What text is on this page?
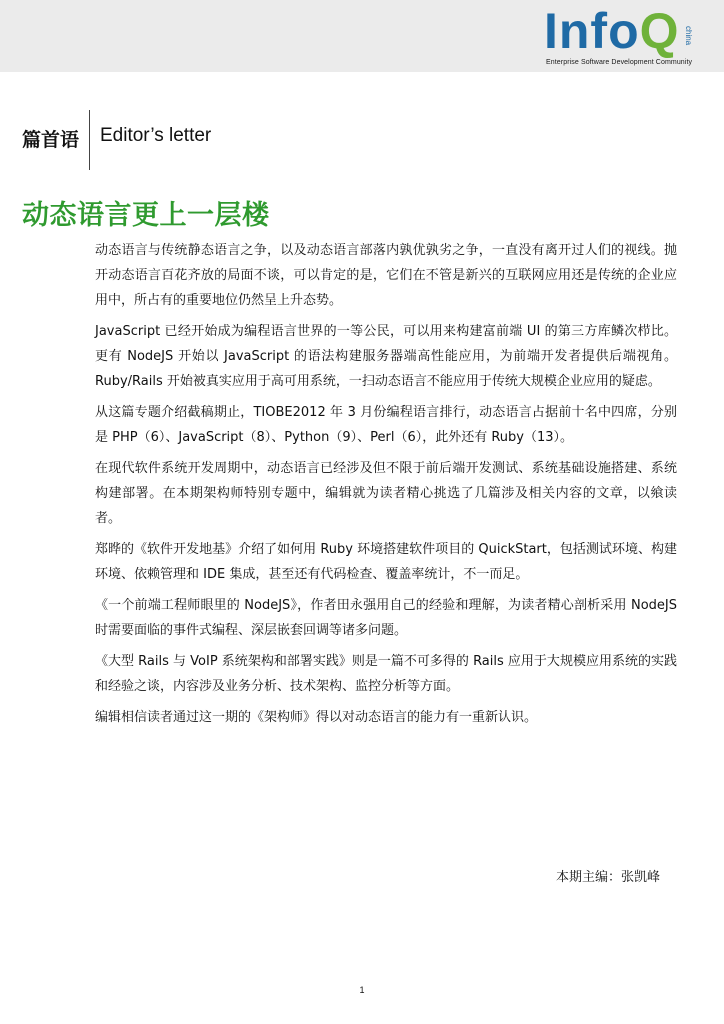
InfoQ china
Enterprise Software Development Community
篇首语 Editor’s letter
动态语言更上一层楼

动态语言与传统静态语言之争，以及动态语言部落内孰优孰劣之争，一直没有离开过人们的视线。抛开动态语言百花齐放的局面不谈，可以肯定的是，它们在不管是新兴的互联网应用还是传统的企业应用中，所占有的重要地位仍然呈上升态势。

JavaScript 已经开始成为编程语言世界的一等公民，可以用来构建富前端 UI 的第三方库鳞次栉比。更有 NodeJS 开始以 JavaScript 的语法构建服务器端高性能应用，为前端开发者提供后端视角。Ruby/Rails 开始被真实应用于高可用系统，一扫动态语言不能应用于传统大规模企业应用的疑虑。

从这篇专题介绍截稿期止，TIOBE2012 年 3 月份编程语言排行，动态语言占据前十名中四席，分别是 PHP（6）、JavaScript（8）、Python（9）、Perl（6），此外还有 Ruby（13）。

在现代软件系统开发周期中，动态语言已经涉及但不限于前后端开发测试、系统基础设施搭建、系统构建部署。在本期架构师特别专题中，编辑就为读者精心挑选了几篇涉及相关内容的文章，以飨读者。

郑晔的《软件开发地基》介绍了如何用 Ruby 环境搭建软件项目的 QuickStart，包括测试环境、构建环境、依赖管理和 IDE 集成，甚至还有代码检查、覆盖率统计，不一而足。

《一个前端工程师眼里的 NodeJS》，作者田永强用自己的经验和理解，为读者精心剖析采用 NodeJS 时需要面临的事件式编程、深层嵌套回调等诸多问题。

《大型 Rails 与 VoIP 系统架构和部署实践》则是一篇不可多得的 Rails 应用于大规模应用系统的实践和经验之谈，内容涉及业务分析、技术架构、监控分析等方面。

编辑相信读者通过这一期的《架构师》得以对动态语言的能力有一重新认识。

本期主编：张凯峰
1
